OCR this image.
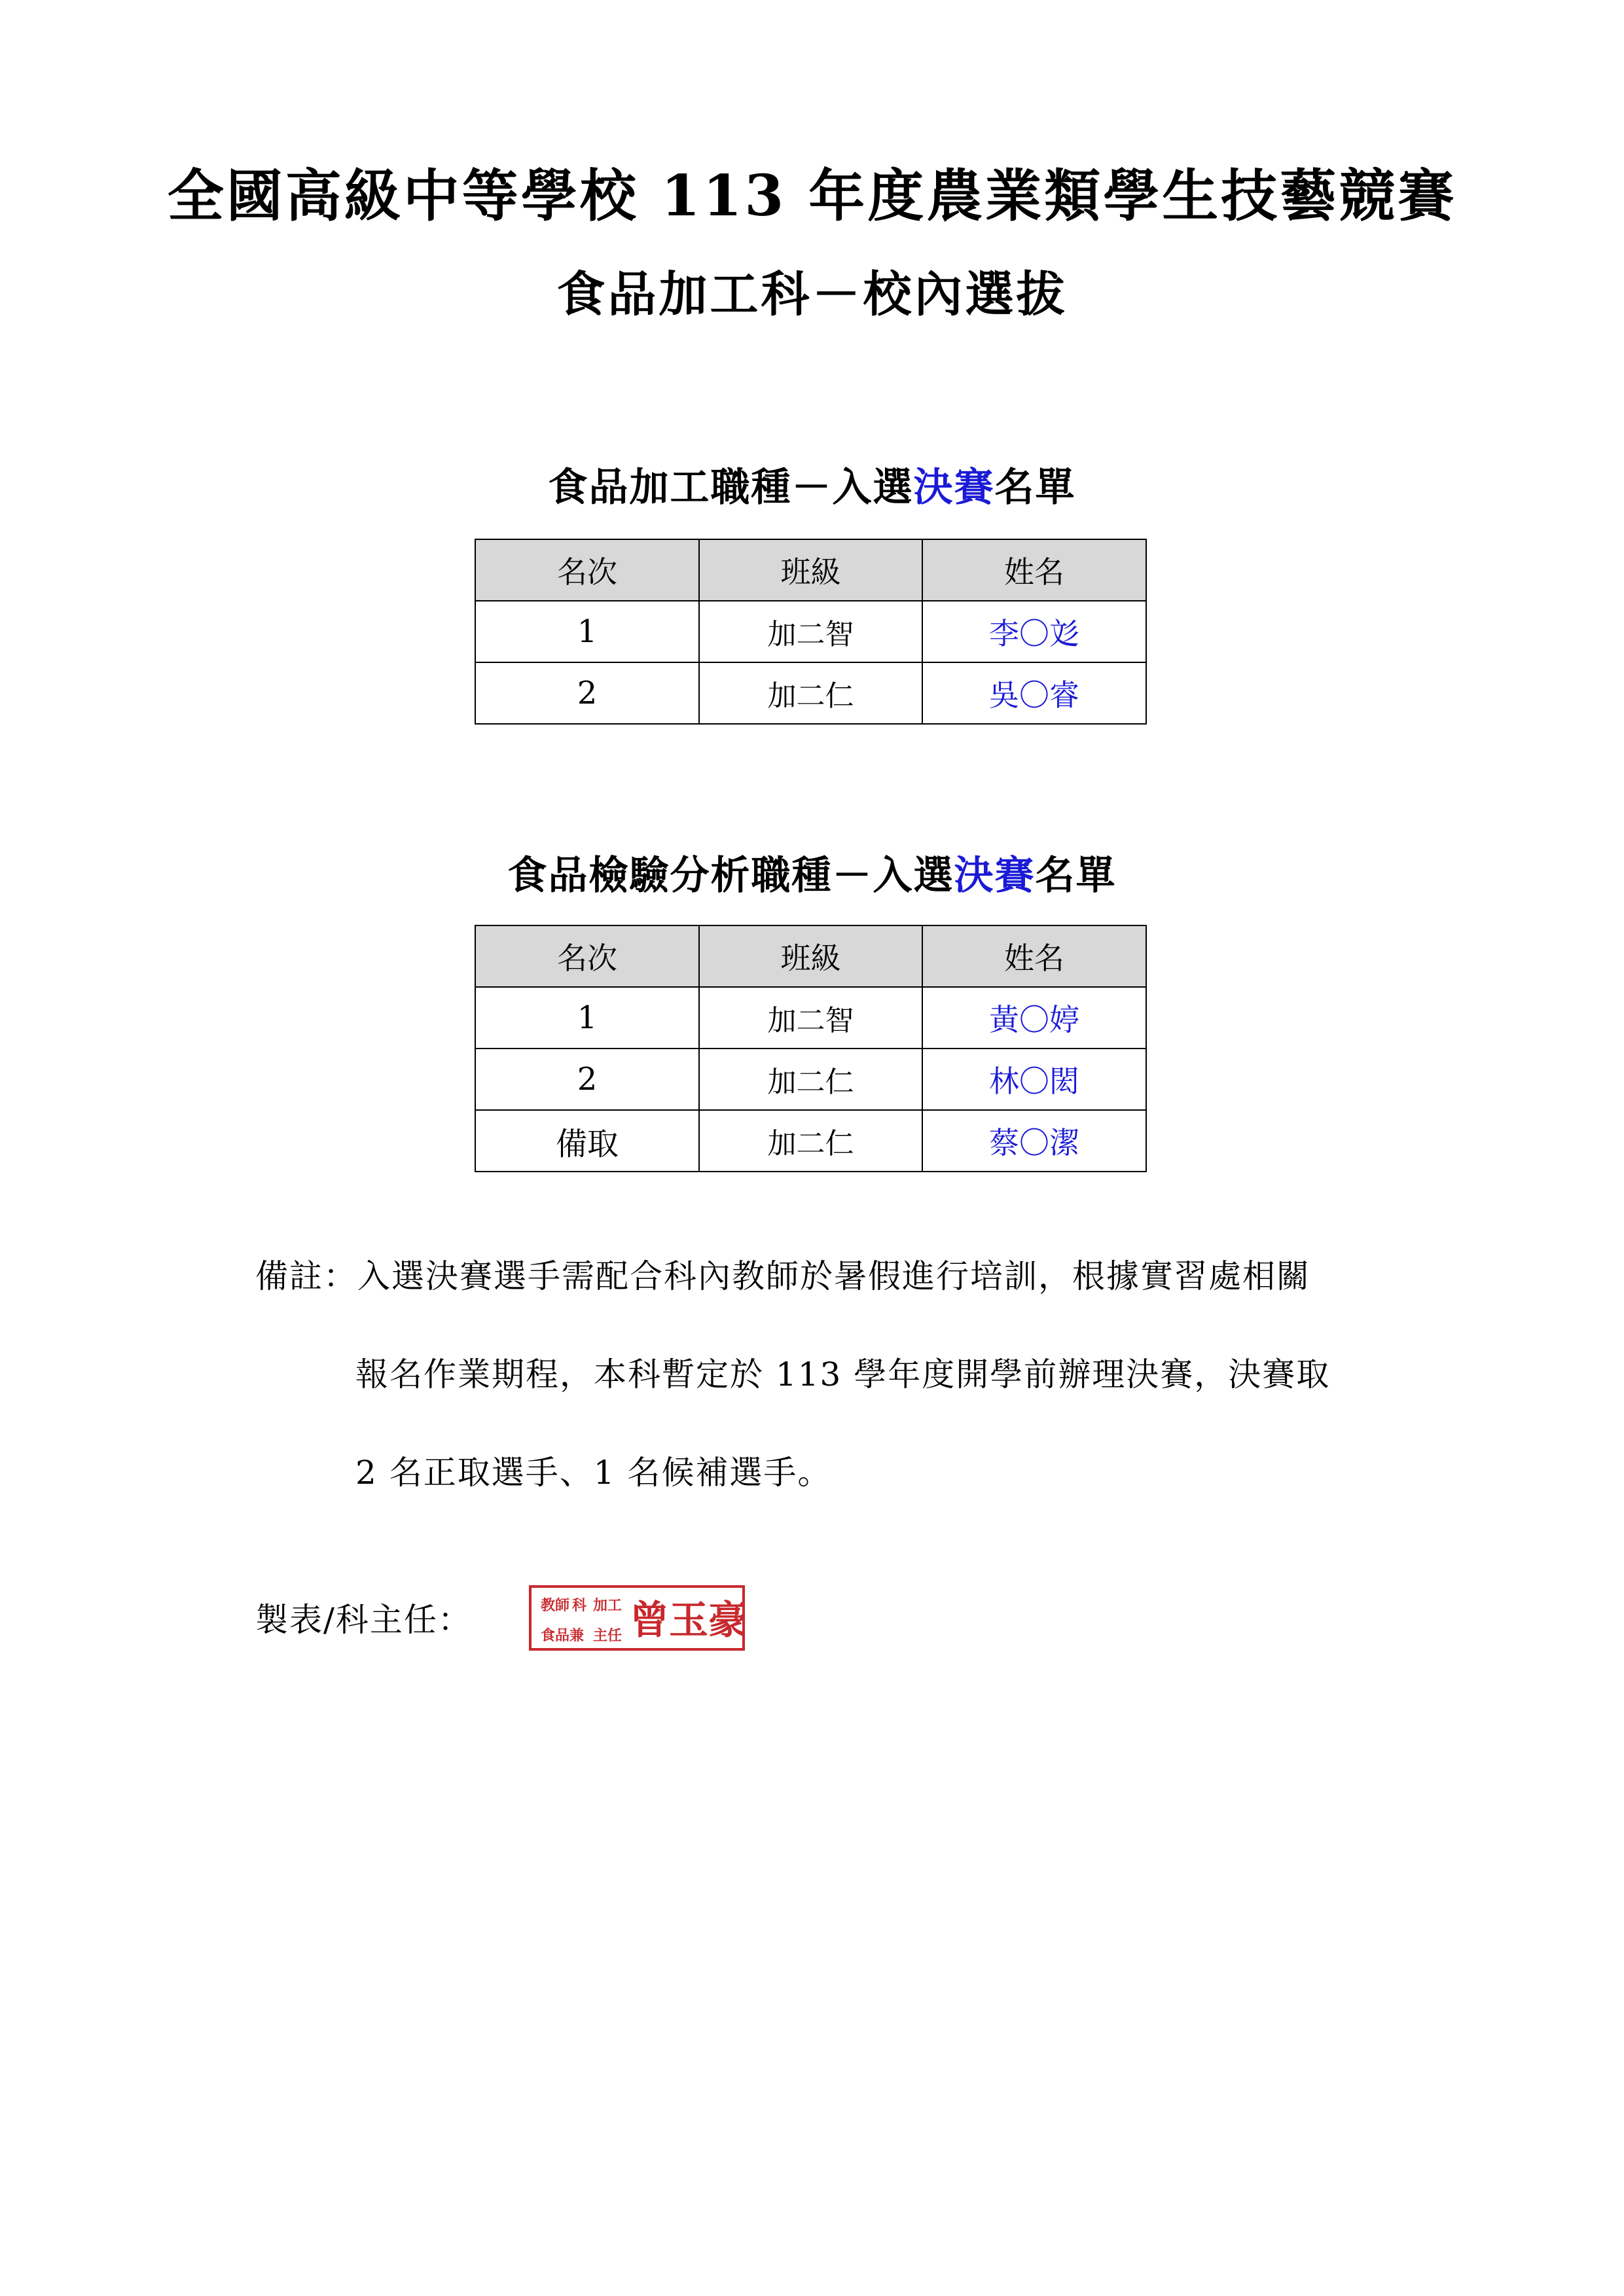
全國高級中等學校 113 年度農業類學生技藝競賽
食品加工科－校內選拔
食品加工職種－入選決賽名單
名次	班級	姓名
1	加二智	李〇彣
2	加二仁	吳〇睿
食品檢驗分析職種－入選決賽名單
名次	班級	姓名
1	加二智	黃〇婷
2	加二仁	林〇閎
備取	加二仁	蔡〇潔
備註：入選決賽選手需配合科內教師於暑假進行培訓，根據實習處相關
報名作業期程，本科暫定於 113 學年度開學前辦理決賽，決賽取
2 名正取選手、1 名候補選手。
製表/科主任：	教師
食品
科
兼
加工
主任 曾玉豪
